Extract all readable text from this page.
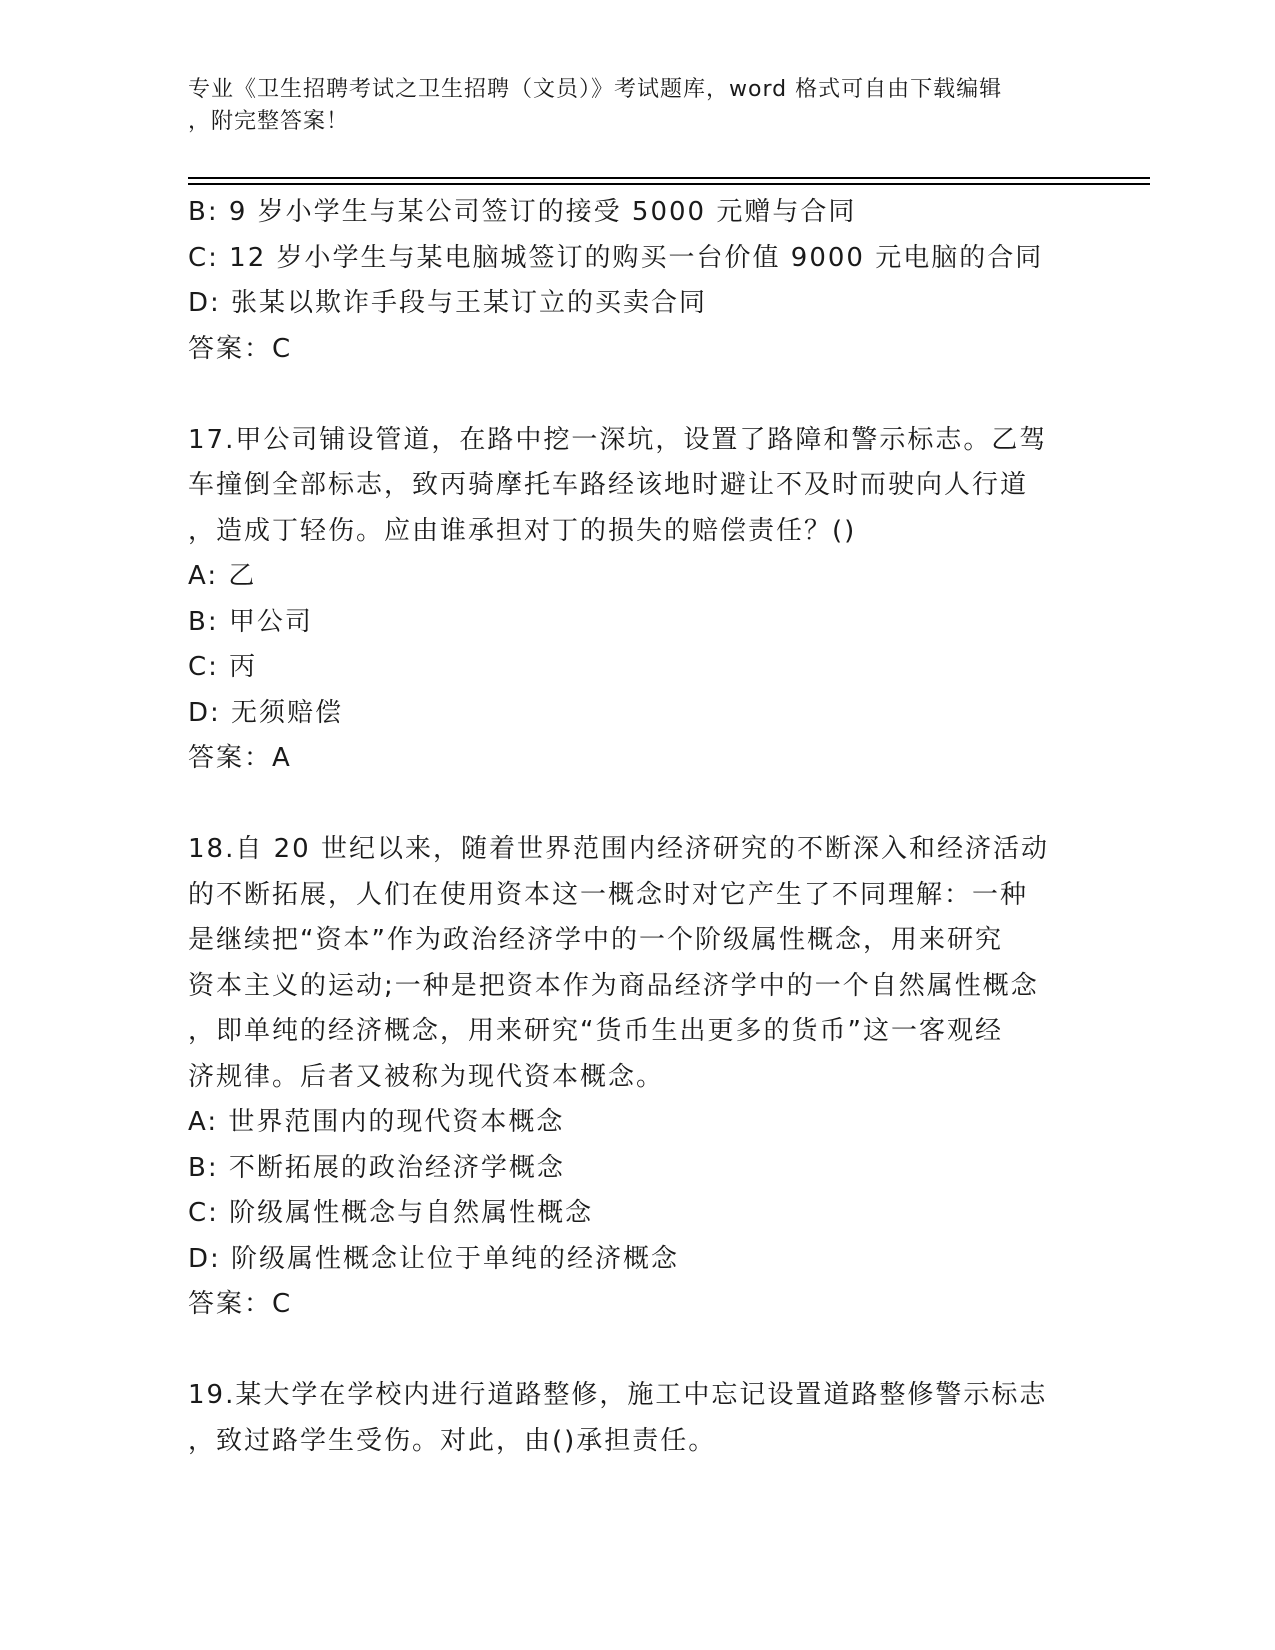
专业《卫生招聘考试之卫生招聘（文员）》考试题库，word 格式可自由下载编辑
，附完整答案！
B: 9 岁小学生与某公司签订的接受 5000 元赠与合同
C: 12 岁小学生与某电脑城签订的购买一台价值 9000 元电脑的合同
D: 张某以欺诈手段与王某订立的买卖合同
答案：C
17.甲公司铺设管道，在路中挖一深坑，设置了路障和警示标志。乙驾
车撞倒全部标志，致丙骑摩托车路经该地时避让不及时而驶向人行道
，造成丁轻伤。应由谁承担对丁的损失的赔偿责任？()
A: 乙
B: 甲公司
C: 丙
D: 无须赔偿
答案：A
18.自 20 世纪以来，随着世界范围内经济研究的不断深入和经济活动
的不断拓展，人们在使用资本这一概念时对它产生了不同理解：一种
是继续把“资本”作为政治经济学中的一个阶级属性概念，用来研究
资本主义的运动;一种是把资本作为商品经济学中的一个自然属性概念
，即单纯的经济概念，用来研究“货币生出更多的货币”这一客观经
济规律。后者又被称为现代资本概念。
A: 世界范围内的现代资本概念
B: 不断拓展的政治经济学概念
C: 阶级属性概念与自然属性概念
D: 阶级属性概念让位于单纯的经济概念
答案：C
19.某大学在学校内进行道路整修，施工中忘记设置道路整修警示标志
，致过路学生受伤。对此，由()承担责任。
